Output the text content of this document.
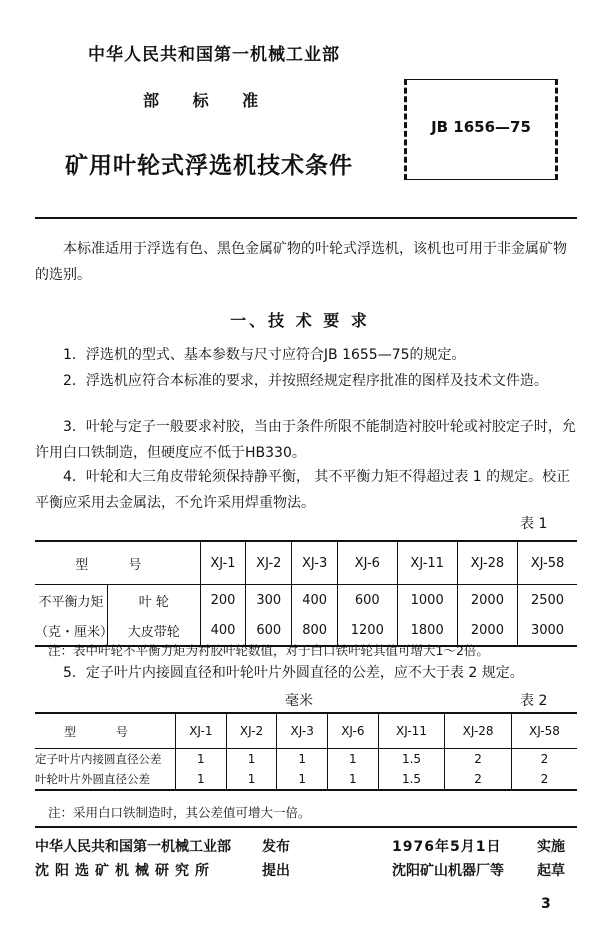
中华人民共和国第一机械工业部
部 标 准
矿用叶轮式浮选机技术条件
JB 1656—75
本标准适用于浮选有色、黑色金属矿物的叶轮式浮选机，该机也可用于非金属矿物的选别。
一、技 术 要 求
1．浮选机的型式、基本参数与尺寸应符合JB 1655—75的规定。
2．浮选机应符合本标准的要求，并按照经规定程序批准的图样及技术文件造。
3．叶轮与定子一般要求衬胶，当由于条件所限不能制造衬胶叶轮或衬胶定子时，允许用白口铁制造，但硬度应不低于HB330。
4．叶轮和大三角皮带轮须保持静平衡， 其不平衡力矩不得超过表 1 的规定。校正平衡应采用去金属法，不允许采用焊重物法。
表 1
型 号		XJ-1	XJ-2	XJ-3	XJ-6	XJ-11	XJ-28	XJ-58
不平衡力矩	叶 轮	200	300	400	600	1000	2000	2500
（克・厘米）	大皮带轮	400	600	800	1200	1800	2000	3000
注：表中叶轮不平衡力矩为衬胶叶轮数值，对于白口铁叶轮其值可增大1～2倍。
5．定子叶片内接圆直径和叶轮叶片外圆直径的公差，应不大于表 2 规定。
毫米	表 2
型 号	XJ-1	XJ-2	XJ-3	XJ-6	XJ-11	XJ-28	XJ-58
定子叶片内接圆直径公差	1	1	1	1	1.5	2	2
叶轮叶片外圆直径公差	1	1	1	1	1.5	2	2
注：采用白口铁制造时，其公差值可增大一倍。
中华人民共和国第一机械工业部 发布	1976年5月1日	实施
沈阳选矿机械研究所	提出	沈阳矿山机器厂等 起草
3
